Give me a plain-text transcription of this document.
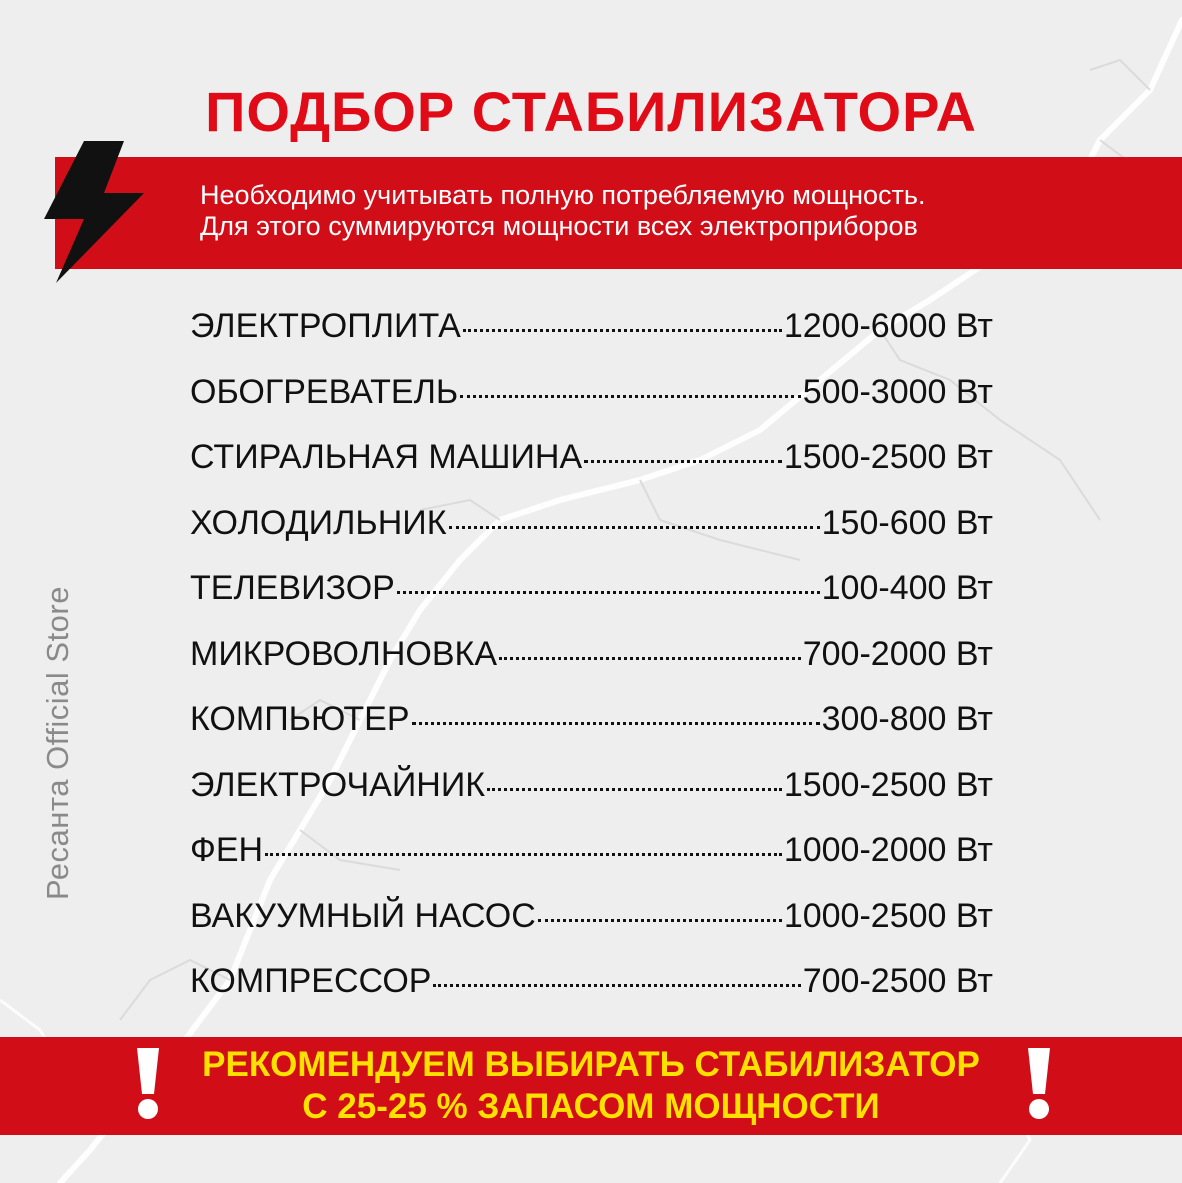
ПОДБОР СТАБИЛИЗАТОРА
Необходимо учитывать полную потребляемую мощность.
Для этого суммируются мощности всех электроприборов
ЭЛЕКТРОПЛИТА	1200-6000 Вт
ОБОГРЕВАТЕЛЬ	500-3000 Вт
СТИРАЛЬНАЯ МАШИНА	1500-2500 Вт
ХОЛОДИЛЬНИК	150-600 Вт
ТЕЛЕВИЗОР	100-400 Вт
МИКРОВОЛНОВКА	700-2000 Вт
КОМПЬЮТЕР	300-800 Вт
ЭЛЕКТРОЧАЙНИК	1500-2500 Вт
ФЕН	1000-2000 Вт
ВАКУУМНЫЙ НАСОС	1000-2500 Вт
КОМПРЕССОР	700-2500 Вт
Ресанта Official Store
РЕКОМЕНДУЕМ ВЫБИРАТЬ СТАБИЛИЗАТОР
С 25-25 % ЗАПАСОМ МОЩНОСТИ
